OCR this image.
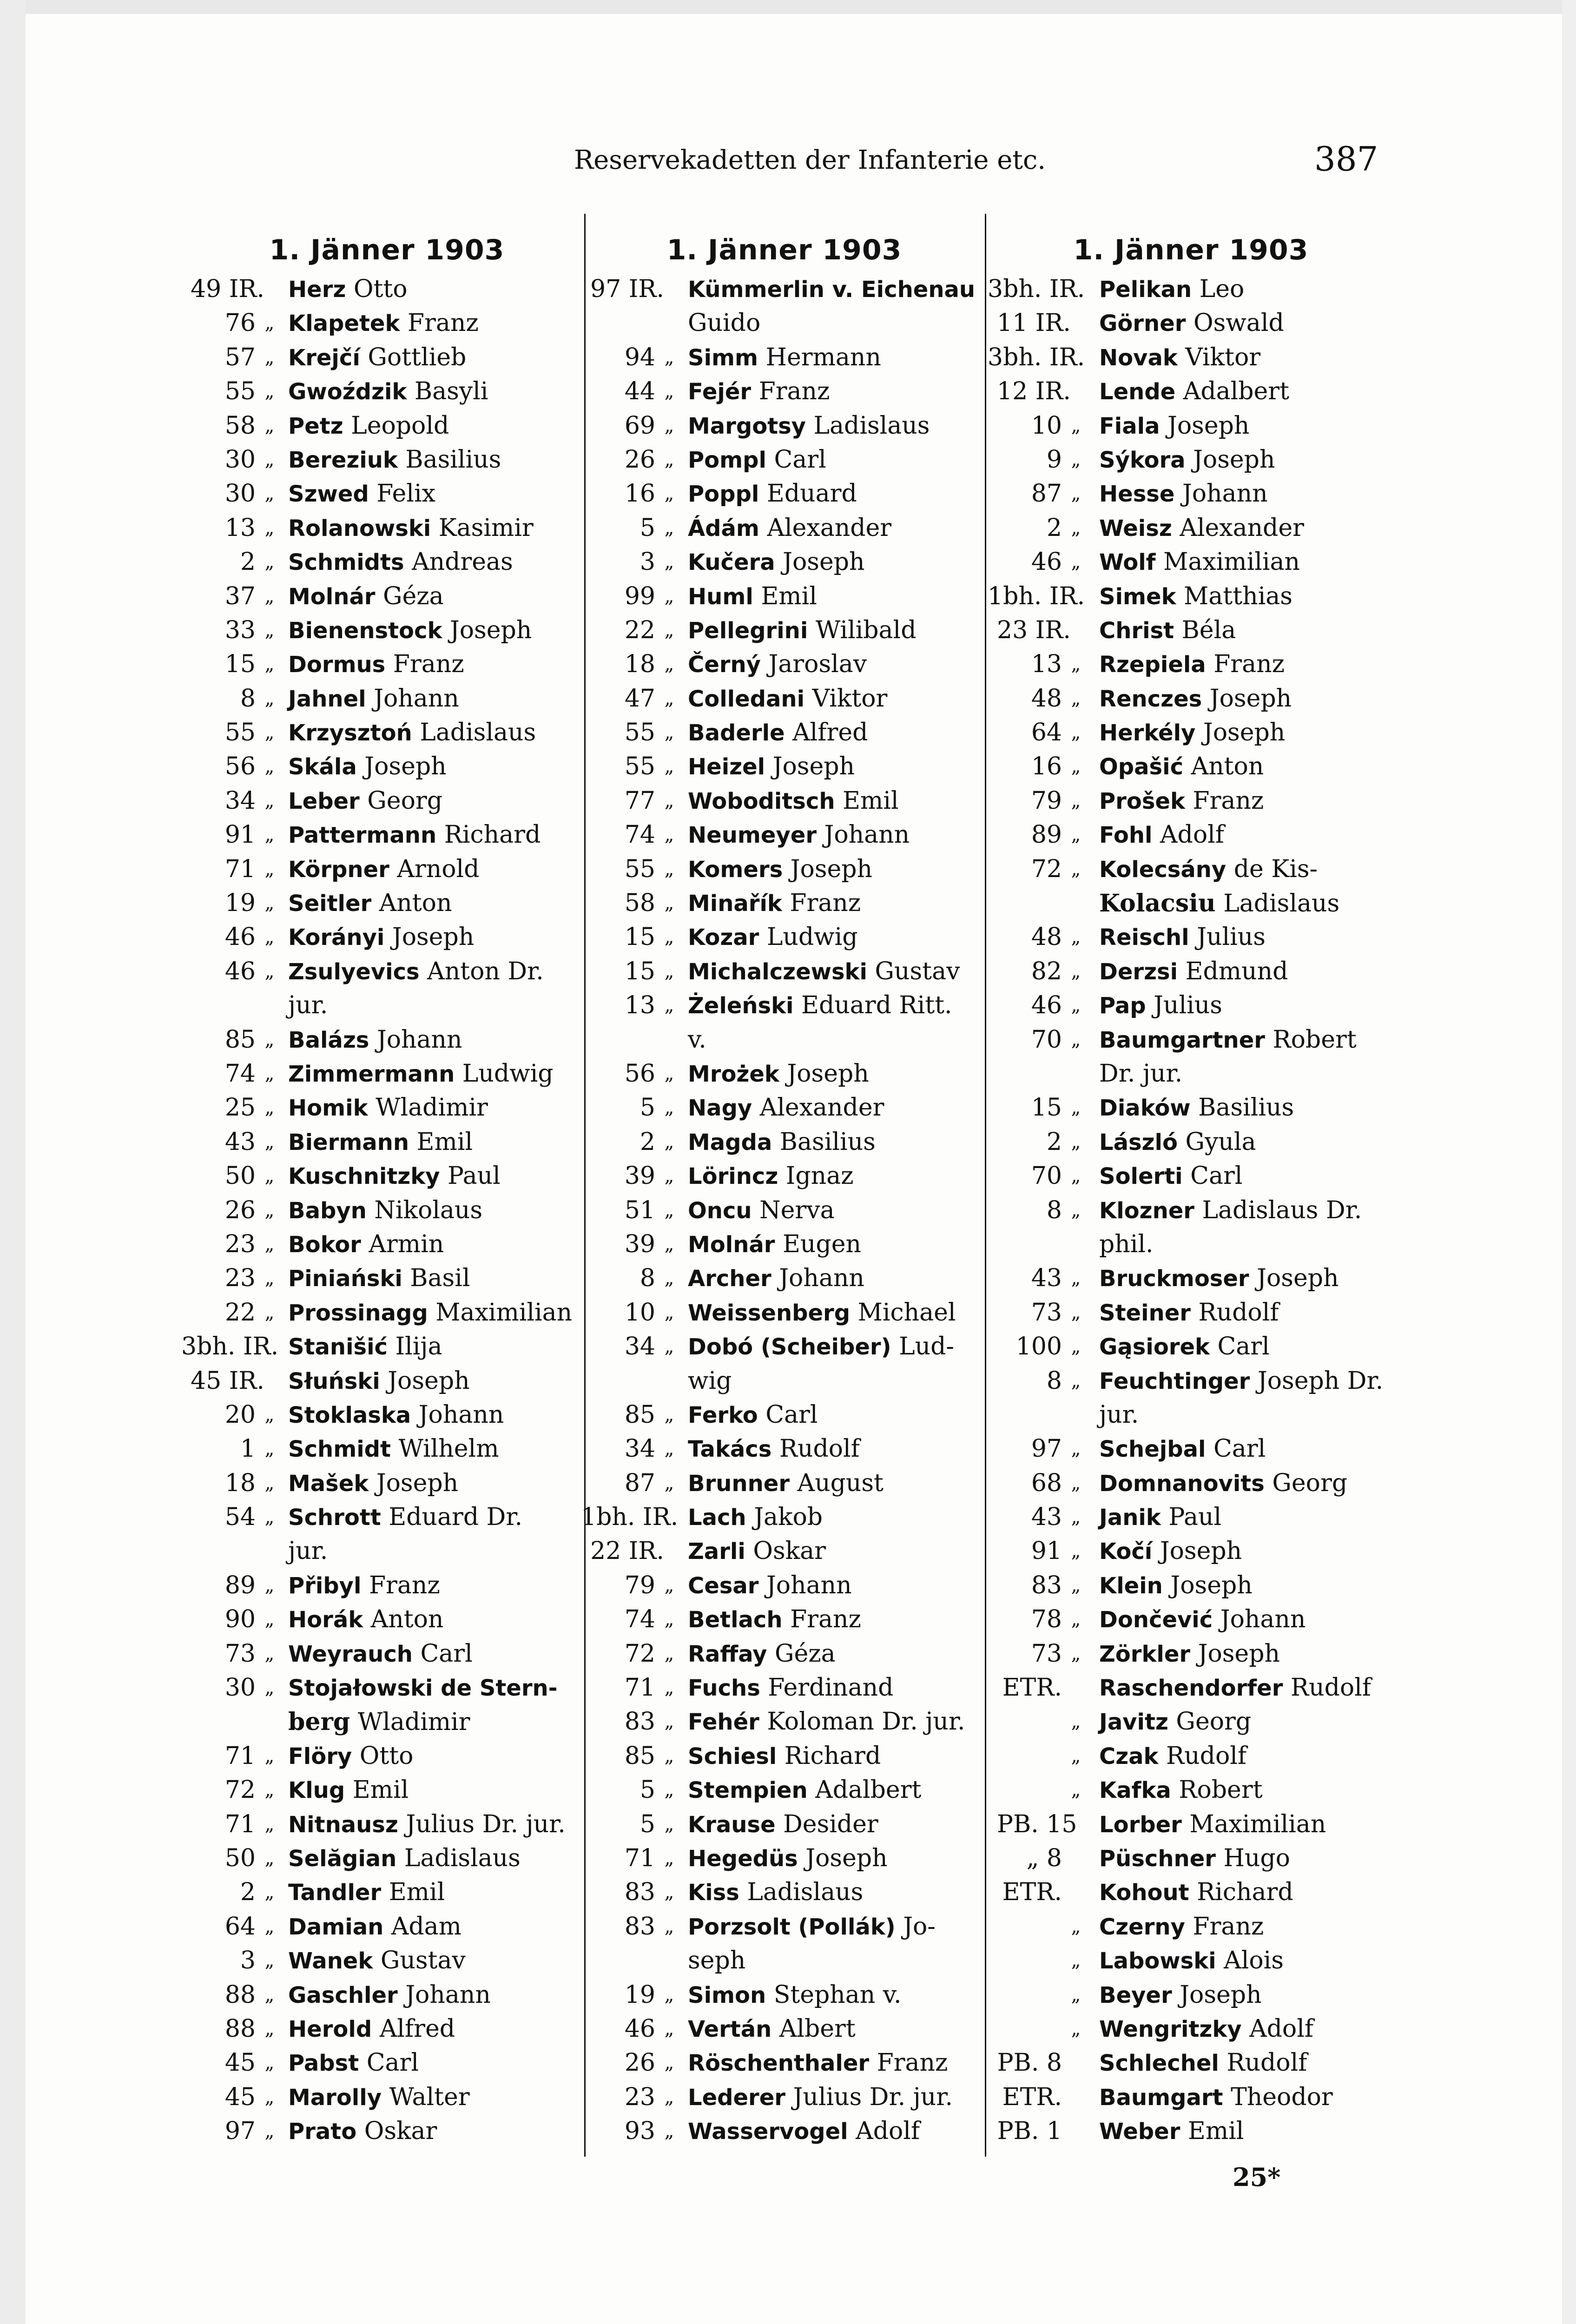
Reservekadetten der Infanterie etc.	387
1. Jänner 1903
49 IR. Herz Otto
76 „ Klapetek Franz
57 „ Krejčí Gottlieb
55 „ Gwoździk Basyli
58 „ Petz Leopold
30 „ Bereziuk Basilius
30 „ Szwed Felix
13 „ Rolanowski Kasimir
2 „ Schmidts Andreas
37 „ Molnár Géza
33 „ Bienenstock Joseph
15 „ Dormus Franz
8 „ Jahnel Johann
55 „ Krzysztoń Ladislaus
56 „ Skála Joseph
34 „ Leber Georg
91 „ Pattermann Richard
71 „ Körpner Arnold
19 „ Seitler Anton
46 „ Korányi Joseph
46 „ Zsulyevics Anton Dr.
jur.
85 „ Balázs Johann
74 „ Zimmermann Ludwig
25 „ Homik Wladimir
43 „ Biermann Emil
50 „ Kuschnitzky Paul
26 „ Babyn Nikolaus
23 „ Bokor Armin
23 „ Piniański Basil
22 „ Prossinagg Maximilian
3bh. IR. Stanišić Ilija
45 IR. Słuński Joseph
20 „ Stoklaska Johann
1 „ Schmidt Wilhelm
18 „ Mašek Joseph
54 „ Schrott Eduard Dr.
jur.
89 „ Přibyl Franz
90 „ Horák Anton
73 „ Weyrauch Carl
30 „ Stojałowski de Stern-
berg Wladimir
71 „ Flöry Otto
72 „ Klug Emil
71 „ Nitnausz Julius Dr. jur.
50 „ Selăgian Ladislaus
2 „ Tandler Emil
64 „ Damian Adam
3 „ Wanek Gustav
88 „ Gaschler Johann
88 „ Herold Alfred
45 „ Pabst Carl
45 „ Marolly Walter
97 „ Prato Oskar
1. Jänner 1903
97 IR. Kümmerlin v. Eichenau
Guido
94 „ Simm Hermann
44 „ Fejér Franz
69 „ Margotsy Ladislaus
26 „ Pompl Carl
16 „ Poppl Eduard
5 „ Ádám Alexander
3 „ Kučera Joseph
99 „ Huml Emil
22 „ Pellegrini Wilibald
18 „ Černý Jaroslav
47 „ Colledani Viktor
55 „ Baderle Alfred
55 „ Heizel Joseph
77 „ Woboditsch Emil
74 „ Neumeyer Johann
55 „ Komers Joseph
58 „ Minařík Franz
15 „ Kozar Ludwig
15 „ Michalczewski Gustav
13 „ Żeleński Eduard Ritt.
v.
56 „ Mrożek Joseph
5 „ Nagy Alexander
2 „ Magda Basilius
39 „ Lörincz Ignaz
51 „ Oncu Nerva
39 „ Molnár Eugen
8 „ Archer Johann
10 „ Weissenberg Michael
34 „ Dobó (Scheiber) Lud-
wig
85 „ Ferko Carl
34 „ Takács Rudolf
87 „ Brunner August
1bh. IR. Lach Jakob
22 IR. Zarli Oskar
79 „ Cesar Johann
74 „ Betlach Franz
72 „ Raffay Géza
71 „ Fuchs Ferdinand
83 „ Fehér Koloman Dr. jur.
85 „ Schiesl Richard
5 „ Stempien Adalbert
5 „ Krause Desider
71 „ Hegedüs Joseph
83 „ Kiss Ladislaus
83 „ Porzsolt (Pollák) Jo-
seph
19 „ Simon Stephan v.
46 „ Vertán Albert
26 „ Röschenthaler Franz
23 „ Lederer Julius Dr. jur.
93 „ Wasservogel Adolf
1. Jänner 1903
3bh. IR. Pelikan Leo
11 IR. Görner Oswald
3bh. IR. Novak Viktor
12 IR. Lende Adalbert
10 „ Fiala Joseph
9 „ Sýkora Joseph
87 „ Hesse Johann
2 „ Weisz Alexander
46 „ Wolf Maximilian
1bh. IR. Simek Matthias
23 IR. Christ Béla
13 „ Rzepiela Franz
48 „ Renczes Joseph
64 „ Herkély Joseph
16 „ Opašić Anton
79 „ Prošek Franz
89 „ Fohl Adolf
72 „ Kolecsány de Kis-
Kolacsiu Ladislaus
48 „ Reischl Julius
82 „ Derzsi Edmund
46 „ Pap Julius
70 „ Baumgartner Robert
Dr. jur.
15 „ Diaków Basilius
2 „ László Gyula
70 „ Solerti Carl
8 „ Klozner Ladislaus Dr.
phil.
43 „ Bruckmoser Joseph
73 „ Steiner Rudolf
100 „ Gąsiorek Carl
8 „ Feuchtinger Joseph Dr.
jur.
97 „ Schejbal Carl
68 „ Domnanovits Georg
43 „ Janik Paul
91 „ Kočí Joseph
83 „ Klein Joseph
78 „ Dončević Johann
73 „ Zörkler Joseph
ETR. Raschendorfer Rudolf
„ Javitz Georg
„ Czak Rudolf
„ Kafka Robert
PB. 15 Lorber Maximilian
„ 8 Püschner Hugo
ETR. Kohout Richard
„ Czerny Franz
„ Labowski Alois
„ Beyer Joseph
„ Wengritzky Adolf
PB. 8 Schlechel Rudolf
ETR. Baumgart Theodor
PB. 1 Weber Emil
25*
